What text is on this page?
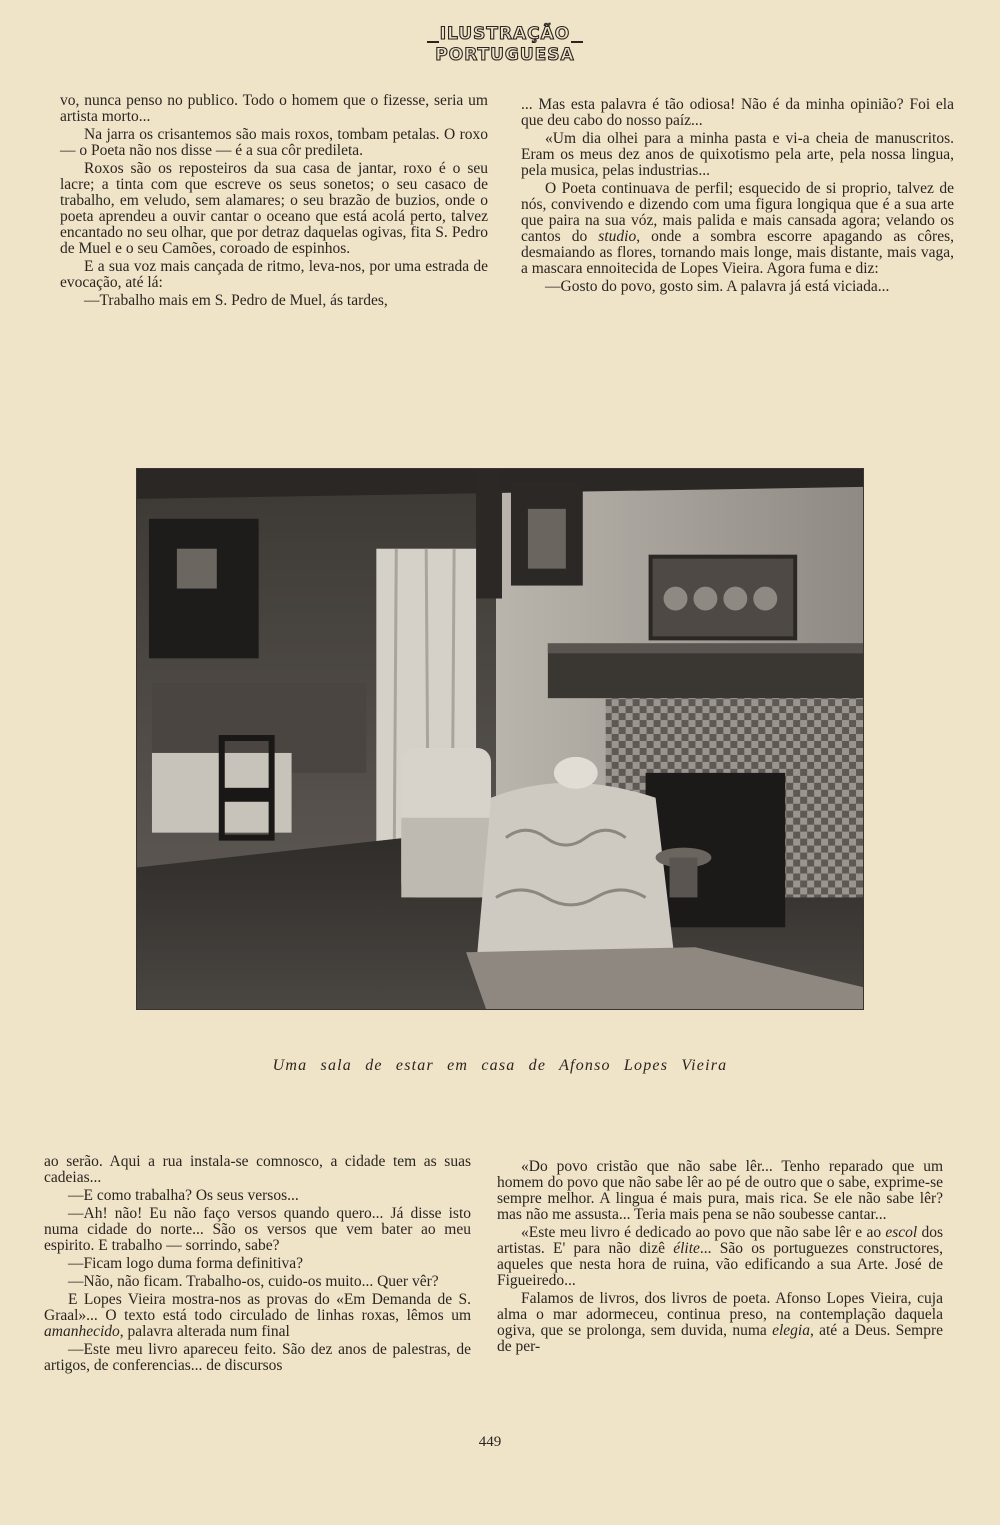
ILUSTRAÇÃO
PORTUGUESA

vo, nunca penso no publico. Todo o homem que o fizesse, seria um artista morto...

Na jarra os crisantemos são mais roxos, tombam petalas. O roxo — o Poeta não nos disse — é a sua côr predileta.

Roxos são os reposteiros da sua casa de jantar, roxo é o seu lacre; a tinta com que escreve os seus sonetos; o seu casaco de trabalho, em veludo, sem alamares; o seu brazão de buzios, onde o poeta aprendeu a ouvir cantar o oceano que está acolá perto, talvez encantado no seu olhar, que por detraz daquelas ogivas, fita S. Pedro de Muel e o seu Camões, coroado de espinhos.

E a sua voz mais cançada de ritmo, leva-nos, por uma estrada de evocação, até lá:

—Trabalho mais em S. Pedro de Muel, ás tardes,

... Mas esta palavra é tão odiosa! Não é da minha opinião? Foi ela que deu cabo do nosso paíz...

«Um dia olhei para a minha pasta e vi-a cheia de manuscritos. Eram os meus dez anos de quixotismo pela arte, pela nossa lingua, pela musica, pelas industrias...

O Poeta continuava de perfil; esquecido de si proprio, talvez de nós, convivendo e dizendo com uma figura longiqua que é a sua arte que paira na sua vóz, mais palida e mais cansada agora; velando os cantos do studio, onde a sombra escorre apagando as côres, desmaiando as flores, tornando mais longe, mais distante, mais vaga, a mascara ennoitecida de Lopes Vieira. Agora fuma e diz:

—Gosto do povo, gosto sim. A palavra já está viciada...

Uma sala de estar em casa de Afonso Lopes Vieira

ao serão. Aqui a rua instala-se comnosco, a cidade tem as suas cadeias...

—E como trabalha? Os seus versos...

—Ah! não! Eu não faço versos quando quero... Já disse isto numa cidade do norte... São os versos que vem bater ao meu espirito. E trabalho — sorrindo, sabe?

—Ficam logo duma forma definitiva?

—Não, não ficam. Trabalho-os, cuido-os muito... Quer vêr?

E Lopes Vieira mostra-nos as provas do «Em Demanda de S. Graal»... O texto está todo circulado de linhas roxas, lêmos um amanhecido, palavra alterada num final

—Este meu livro apareceu feito. São dez anos de palestras, de artigos, de conferencias... de discursos

«Do povo cristão que não sabe lêr... Tenho reparado que um homem do povo que não sabe lêr ao pé de outro que o sabe, exprime-se sempre melhor. A lingua é mais pura, mais rica. Se ele não sabe lêr? mas não me assusta... Teria mais pena se não soubesse cantar...

«Este meu livro é dedicado ao povo que não sabe lêr e ao escol dos artistas. E' para não dizê élite... São os portuguezes constructores, aqueles que nesta hora de ruina, vão edificando a sua Arte. José de Figueiredo...

Falamos de livros, dos livros de poeta. Afonso Lopes Vieira, cuja alma o mar adormeceu, continua preso, na contemplação daquela ogiva, que se prolonga, sem duvida, numa elegia, até a Deus. Sempre de per-

449
